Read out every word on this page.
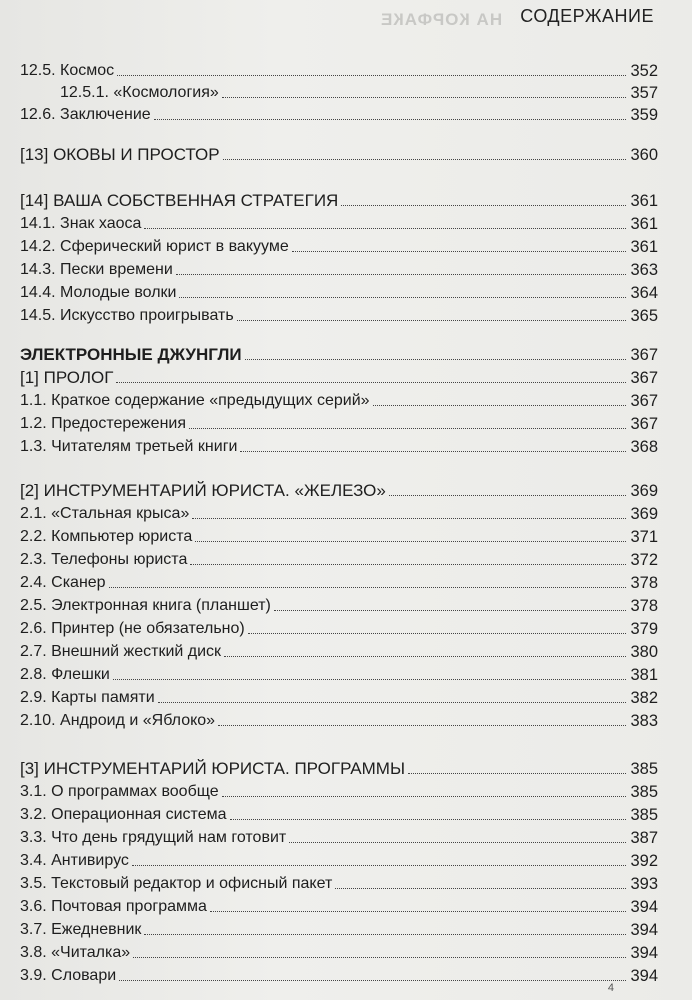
НА КОРФАКЕ СОДЕРЖАНИЕ
12.5. Космос	352
12.5.1. «Космология»	357
12.6. Заключение	359
[13] ОКОВЫ И ПРОСТОР	360
[14] ВАША СОБСТВЕННАЯ СТРАТЕГИЯ	361
14.1. Знак хаоса	361
14.2. Сферический юрист в вакууме	361
14.3. Пески времени	363
14.4. Молодые волки	364
14.5. Искусство проигрывать	365
ЭЛЕКТРОННЫЕ ДЖУНГЛИ	367
[1] ПРОЛОГ	367
1.1. Краткое содержание «предыдущих серий»	367
1.2. Предостережения	367
1.3. Читателям третьей книги	368
[2] ИНСТРУМЕНТАРИЙ ЮРИСТА. «ЖЕЛЕЗО»	369
2.1. «Стальная крыса»	369
2.2. Компьютер юриста	371
2.3. Телефоны юриста	372
2.4. Сканер	378
2.5. Электронная книга (планшет)	378
2.6. Принтер (не обязательно)	379
2.7. Внешний жесткий диск	380
2.8. Флешки	381
2.9. Карты памяти	382
2.10. Андроид и «Яблоко»	383
[3] ИНСТРУМЕНТАРИЙ ЮРИСТА. ПРОГРАММЫ	385
3.1. О программах вообще	385
3.2. Операционная система	385
3.3. Что день грядущий нам готовит	387
3.4. Антивирус	392
3.5. Текстовый редактор и офисный пакет	393
3.6. Почтовая программа	394
3.7. Ежедневник	394
3.8. «Читалка»	394
3.9. Словари	394
4
